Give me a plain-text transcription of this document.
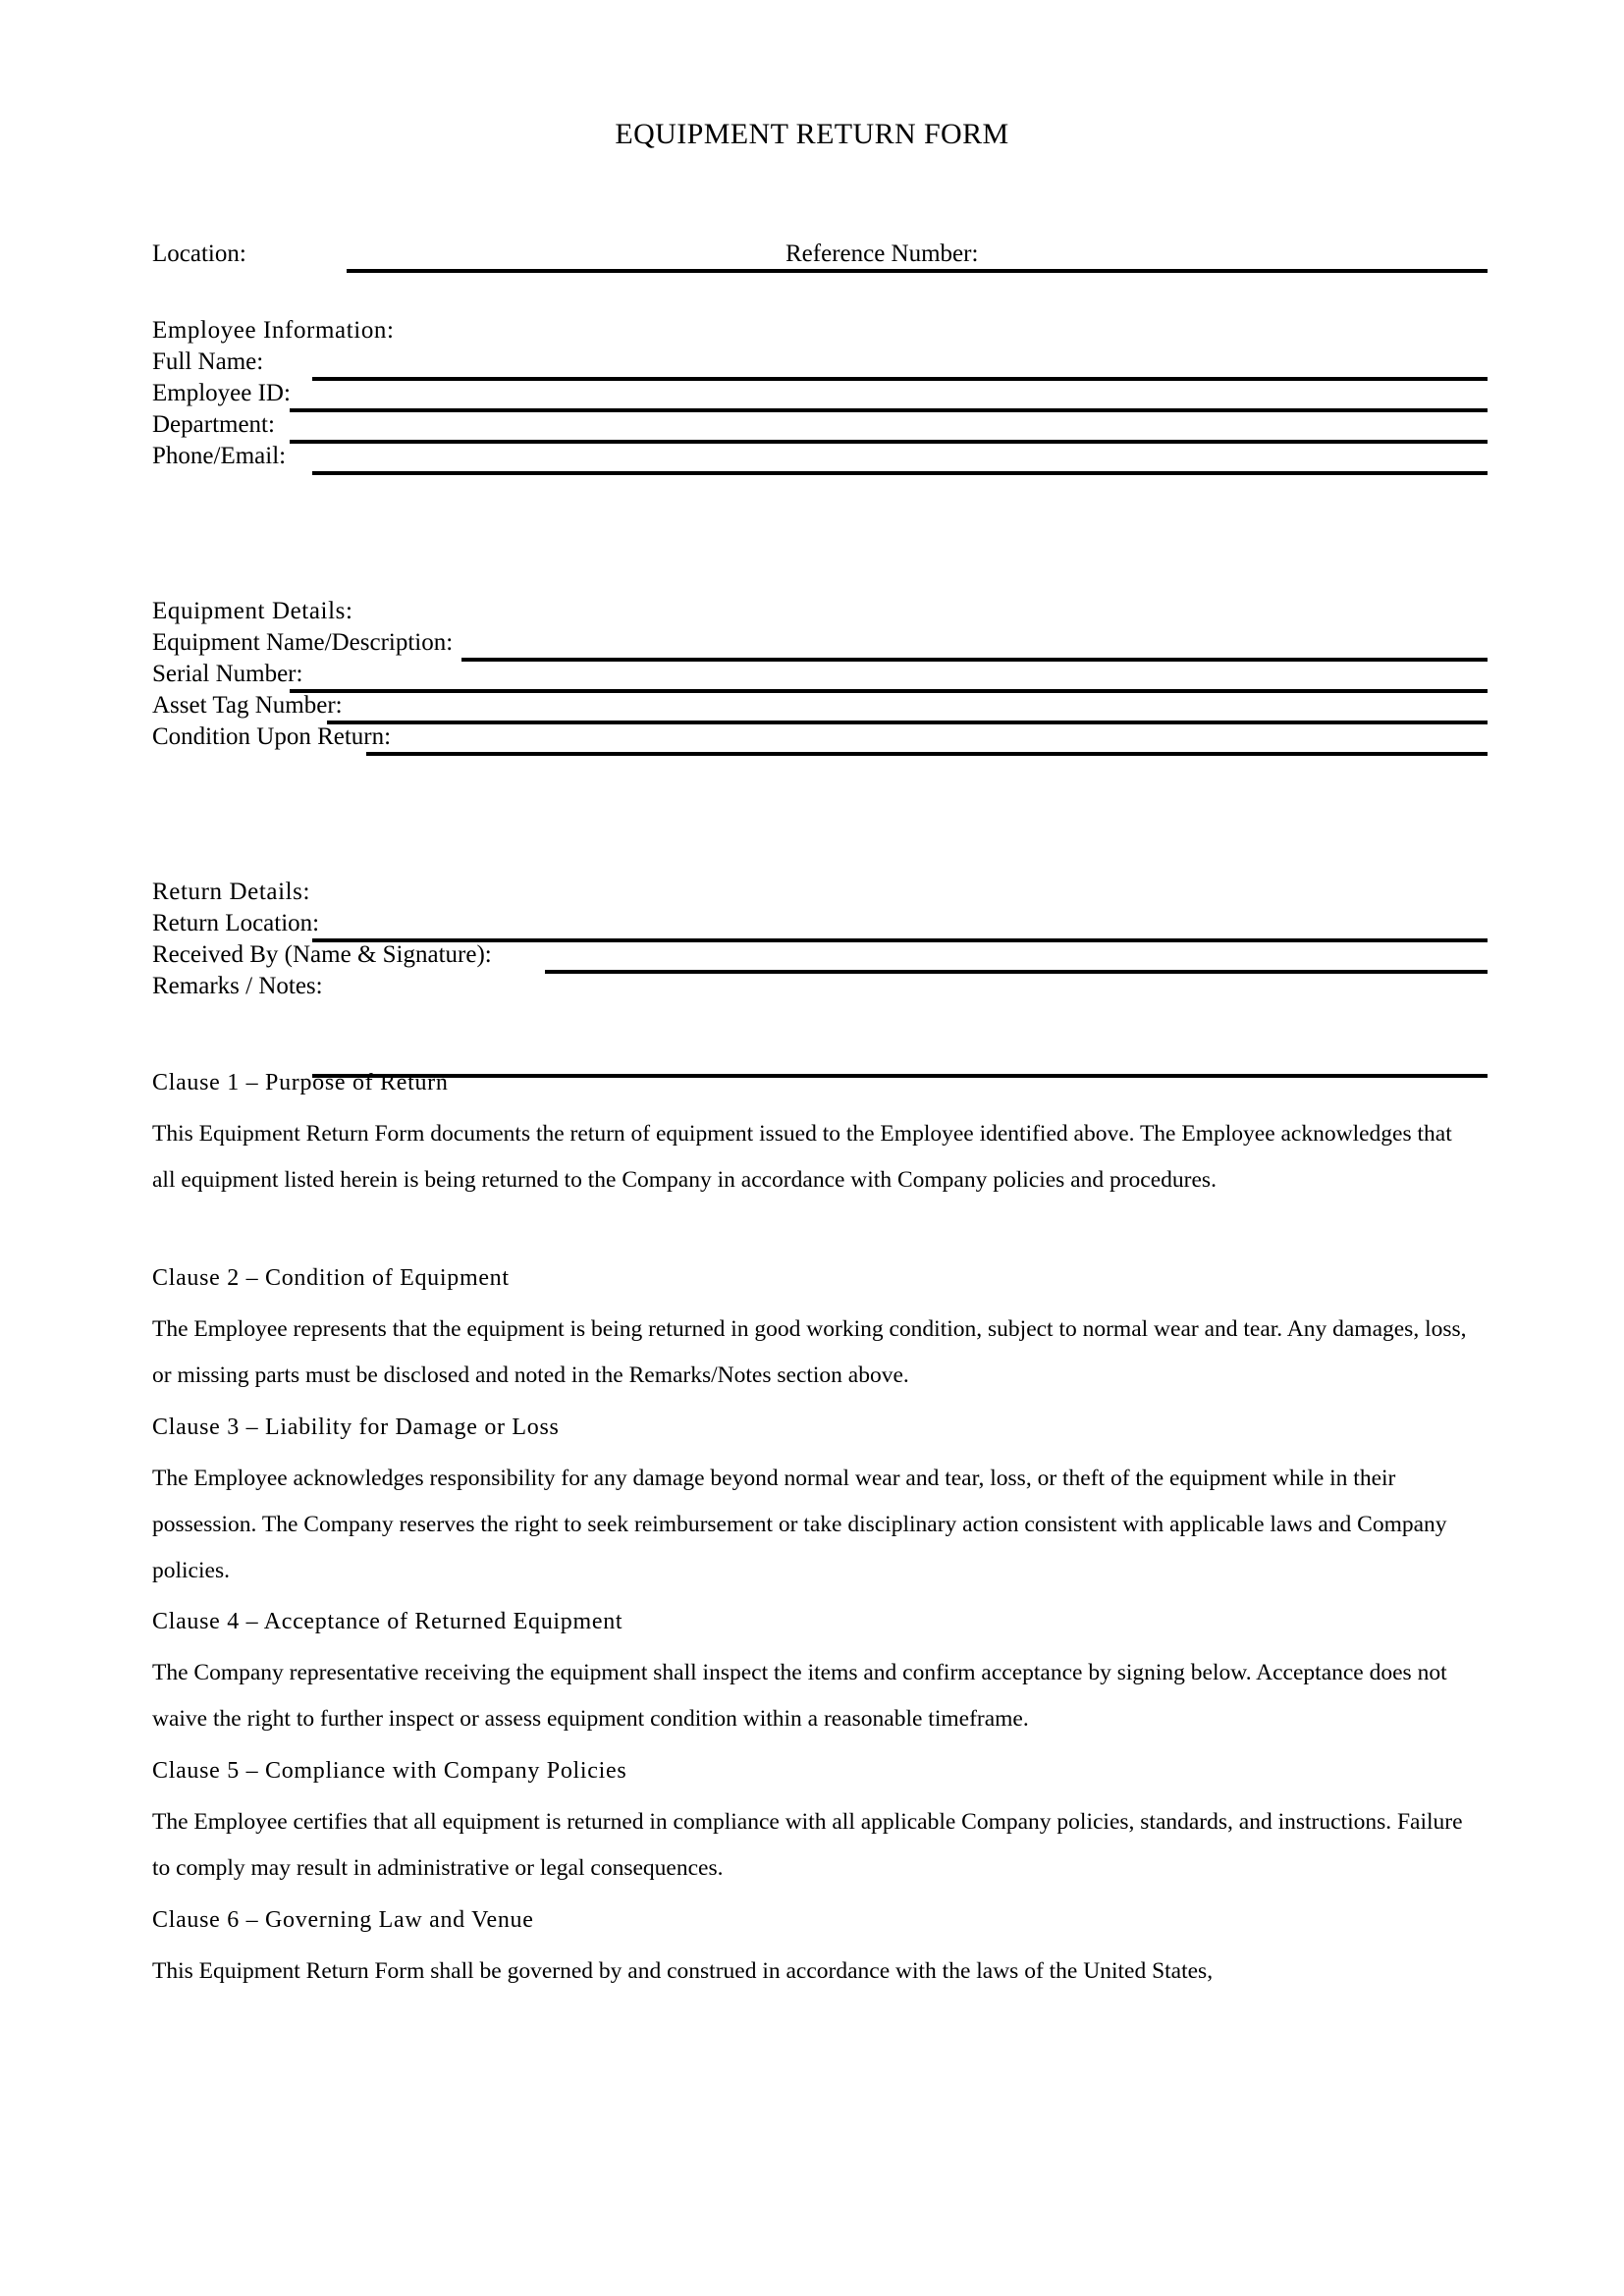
EQUIPMENT RETURN FORM
Location:	Reference Number:
Employee Information:
Full Name:
Employee ID:
Department:
Phone/Email:
Equipment Details:
Equipment Name/Description:
Serial Number:
Asset Tag Number:
Condition Upon Return:
Return Details:
Return Location:
Received By (Name & Signature):
Remarks / Notes:

Clause 1 – Purpose of Return

This Equipment Return Form documents the return of equipment issued to the Employee identified above. The Employee acknowledges that all equipment listed herein is being returned to the Company in accordance with Company policies and procedures.

Clause 2 – Condition of Equipment

The Employee represents that the equipment is being returned in good working condition, subject to normal wear and tear. Any damages, loss, or missing parts must be disclosed and noted in the Remarks/Notes section above.

Clause 3 – Liability for Damage or Loss

The Employee acknowledges responsibility for any damage beyond normal wear and tear, loss, or theft of the equipment while in their possession. The Company reserves the right to seek reimbursement or take disciplinary action consistent with applicable laws and Company policies.

Clause 4 – Acceptance of Returned Equipment

The Company representative receiving the equipment shall inspect the items and confirm acceptance by signing below. Acceptance does not waive the right to further inspect or assess equipment condition within a reasonable timeframe.

Clause 5 – Compliance with Company Policies

The Employee certifies that all equipment is returned in compliance with all applicable Company policies, standards, and instructions. Failure to comply may result in administrative or legal consequences.

Clause 6 – Governing Law and Venue

This Equipment Return Form shall be governed by and construed in accordance with the laws of the United States,
